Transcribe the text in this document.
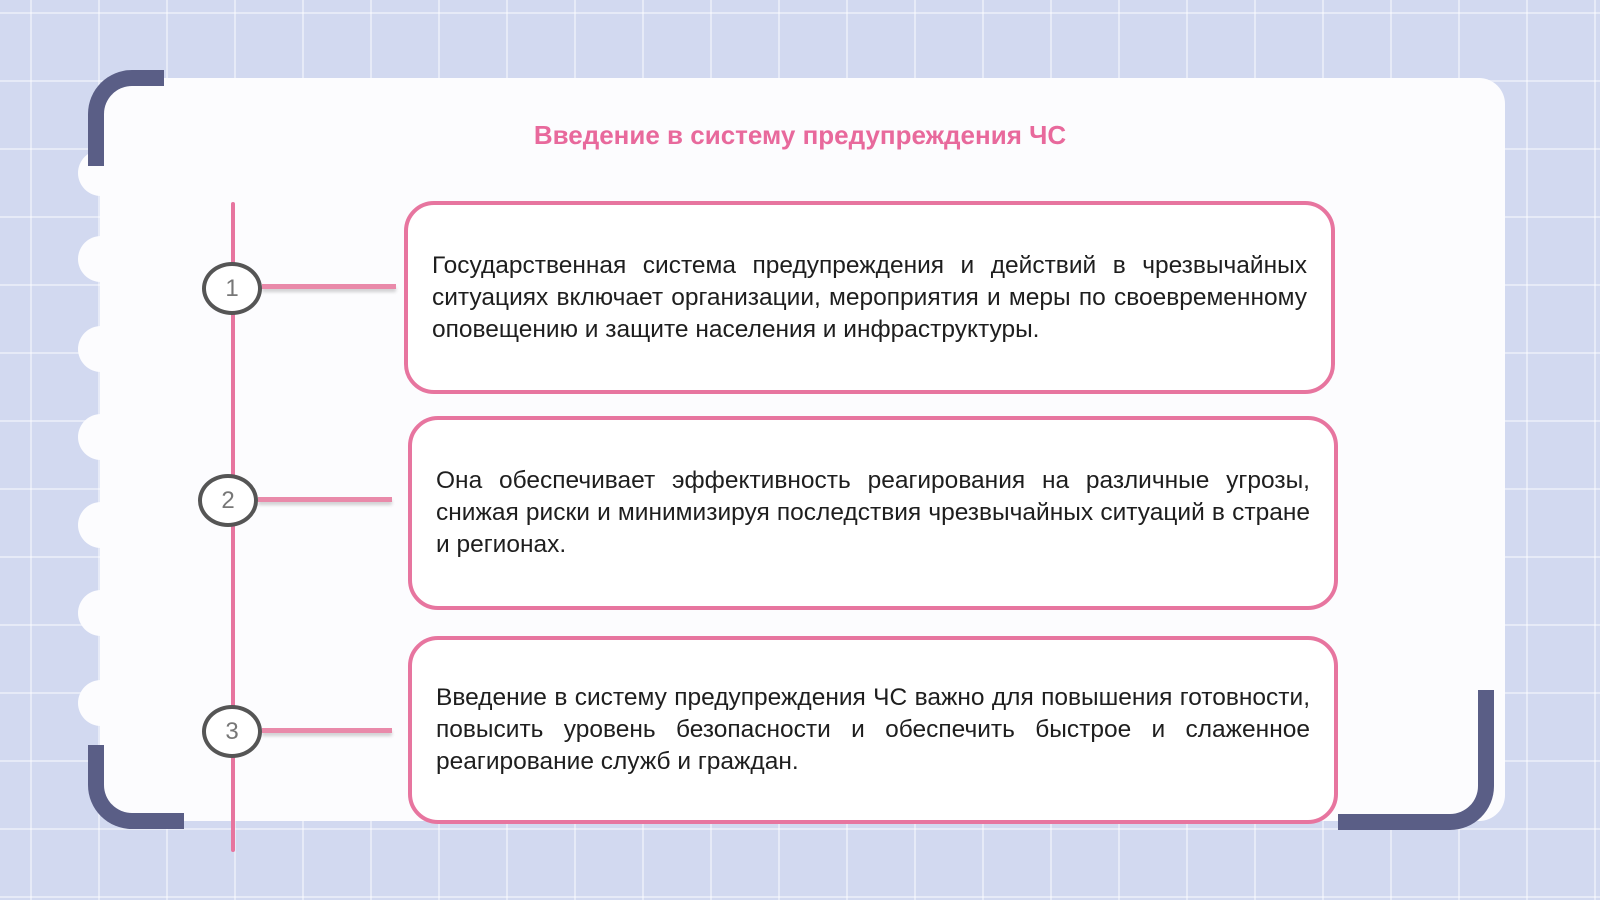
Введение в систему предупреждения ЧС
1
2
3

Государственная система предупреждения и действий в чрезвычайных ситуациях включает организации, мероприятия и меры по своевременному оповещению и защите населения и инфраструктуры.

Она обеспечивает эффективность реагирования на различные угрозы, снижая риски и минимизируя последствия чрезвычайных ситуаций в стране и регионах.

Введение в систему предупреждения ЧС важно для повышения готовности, повысить уровень безопасности и обеспечить быстрое и слаженное реагирование служб и граждан.
